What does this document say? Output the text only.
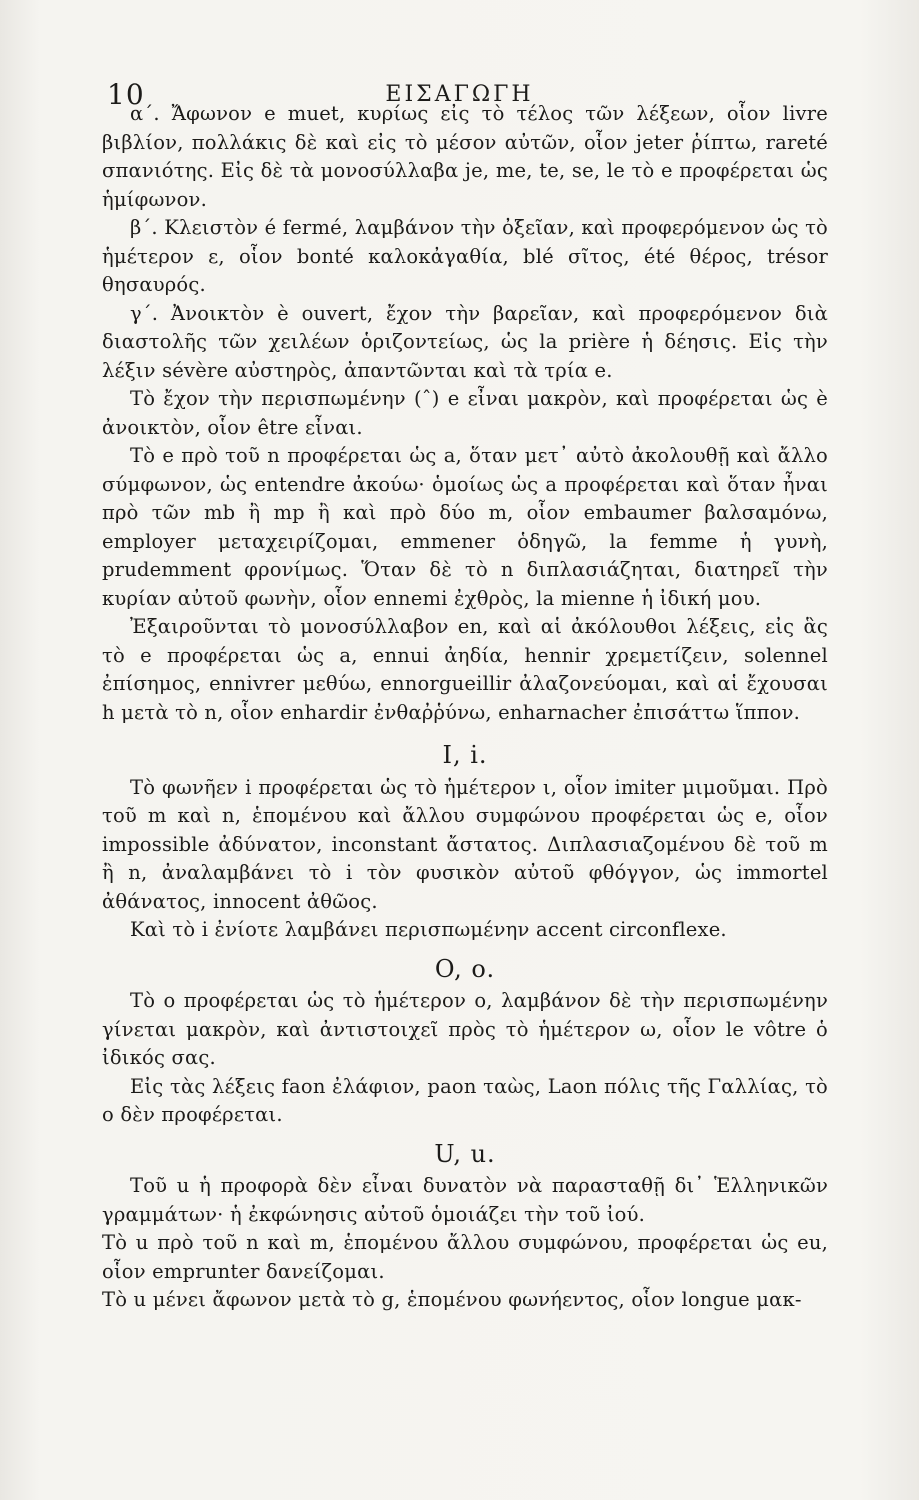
10	ΕΙΣΑΓΩΓΗ

α΄. Ἄφωνον e muet, κυρίως εἰς τὸ τέλος τῶν λέξεων, οἷον livre βιβλίον, πολλάκις δὲ καὶ εἰς τὸ μέσον αὐτῶν, οἷον jeter ῥίπτω, rareté σπανιότης. Εἰς δὲ τὰ μονοσύλλαβα je, me, te, se, le τὸ e προφέρεται ὡς ἡμίφωνον.

β΄. Κλειστὸν é fermé, λαμβάνον τὴν ὀξεῖαν, καὶ προφερόμενον ὡς τὸ ἡμέτερον ε, οἷον bonté καλοκἀγαθία, blé σῖτος, été θέρος, trésor θησαυρός.

γ΄. Ἀνοικτὸν è ouvert, ἔχον τὴν βαρεῖαν, καὶ προφερόμενον διὰ διαστολῆς τῶν χειλέων ὁριζοντείως, ὡς la prière ἡ δέησις. Εἰς τὴν λέξιν sévère αὐστηρὸς, ἀπαντῶνται καὶ τὰ τρία e.

Τὸ ἔχον τὴν περισπωμένην (ˆ) e εἶναι μακρὸν, καὶ προφέρεται ὡς è ἀνοικτὸν, οἷον être εἶναι.

Τὸ e πρὸ τοῦ n προφέρεται ὡς a, ὅταν μετ᾽ αὐτὸ ἀκολουθῇ καὶ ἄλλο σύμφωνον, ὡς entendre ἀκούω· ὁμοίως ὡς a προφέρεται καὶ ὅταν ἦναι πρὸ τῶν mb ἢ mp ἢ καὶ πρὸ δύο m, οἷον embaumer βαλσαμόνω, employer μεταχειρίζομαι, emmener ὁδηγῶ, la femme ἡ γυνὴ, prudemment φρονίμως. Ὅταν δὲ τὸ n διπλασιάζηται, διατηρεῖ τὴν κυρίαν αὐτοῦ φωνὴν, οἷον ennemi ἐχθρὸς, la mienne ἡ ἰδική μου.

Ἐξαιροῦνται τὸ μονοσύλλαβον en, καὶ αἱ ἀκόλουθοι λέξεις, εἰς ἃς τὸ e προφέρεται ὡς a, ennui ἀηδία, hennir χρεμετίζειν, solennel ἐπίσημος, ennivrer μεθύω, ennorgueillir ἀλαζονεύομαι, καὶ αἱ ἔχουσαι h μετὰ τὸ n, οἷον enhardir ἐνθαῤῥύνω, enharnacher ἐπισάττω ἵππον.

I, i.

Τὸ φωνῆεν i προφέρεται ὡς τὸ ἡμέτερον ι, οἷον imiter μιμοῦμαι. Πρὸ τοῦ m καὶ n, ἑπομένου καὶ ἄλλου συμφώνου προφέρεται ὡς e, οἷον impossible ἀδύνατον, inconstant ἄστατος. Διπλασιαζομένου δὲ τοῦ m ἢ n, ἀναλαμβάνει τὸ i τὸν φυσικὸν αὐτοῦ φθόγγον, ὡς immortel ἀθάνατος, innocent ἀθῶος.

Καὶ τὸ i ἐνίοτε λαμβάνει περισπωμένην accent circonflexe.

O, o.

Τὸ o προφέρεται ὡς τὸ ἡμέτερον ο, λαμβάνον δὲ τὴν περισπωμένην γίνεται μακρὸν, καὶ ἀντιστοιχεῖ πρὸς τὸ ἡμέτερον ω, οἷον le vôtre ὁ ἰδικός σας.

Εἰς τὰς λέξεις faon ἐλάφιον, paon ταὼς, Laon πόλις τῆς Γαλλίας, τὸ o δὲν προφέρεται.

U, u.

Τοῦ u ἡ προφορὰ δὲν εἶναι δυνατὸν νὰ παρασταθῇ δι᾽ Ἑλληνικῶν γραμμάτων· ἡ ἐκφώνησις αὐτοῦ ὁμοιάζει τὴν τοῦ ἰού.

Τὸ u πρὸ τοῦ n καὶ m, ἑπομένου ἄλλου συμφώνου, προφέρεται ὡς eu, οἷον emprunter δανείζομαι.

Τὸ u μένει ἄφωνον μετὰ τὸ g, ἑπομένου φωνήεντος, οἷον longue μακ-
